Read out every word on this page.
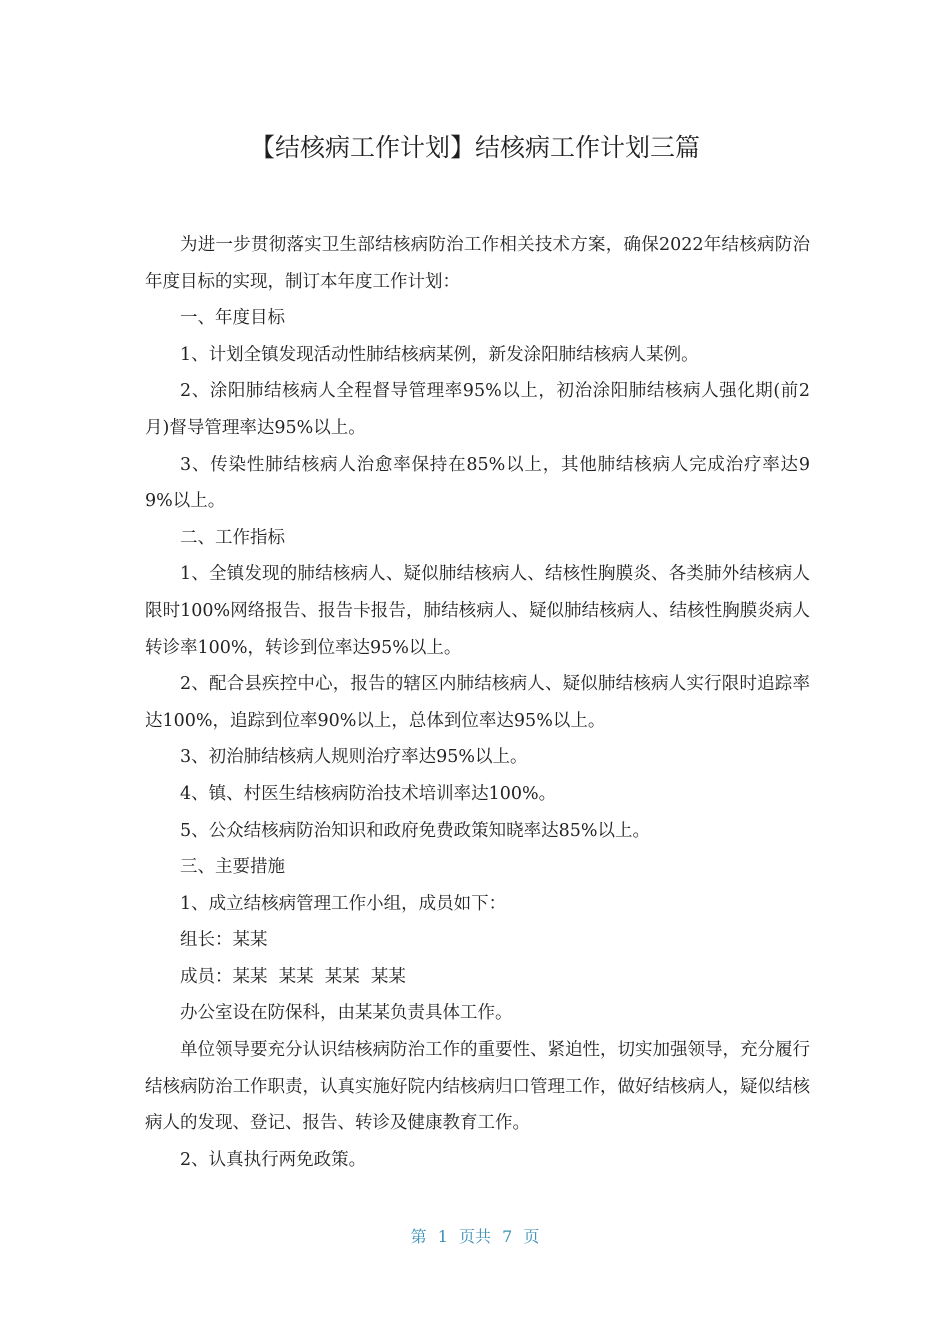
【结核病工作计划】结核病工作计划三篇

为进一步贯彻落实卫生部结核病防治工作相关技术方案，确保2022年结核病防治年度目标的实现，制订本年度工作计划：

一、年度目标

1、计划全镇发现活动性肺结核病某例，新发涂阳肺结核病人某例。

2、涂阳肺结核病人全程督导管理率95%以上，初治涂阳肺结核病人强化期(前2月)督导管理率达95%以上。

3、传染性肺结核病人治愈率保持在85%以上，其他肺结核病人完成治疗率达99%以上。

二、工作指标

1、全镇发现的肺结核病人、疑似肺结核病人、结核性胸膜炎、各类肺外结核病人限时100%网络报告、报告卡报告，肺结核病人、疑似肺结核病人、结核性胸膜炎病人转诊率100%，转诊到位率达95%以上。

2、配合县疾控中心，报告的辖区内肺结核病人、疑似肺结核病人实行限时追踪率达100%，追踪到位率90%以上，总体到位率达95%以上。

3、初治肺结核病人规则治疗率达95%以上。

4、镇、村医生结核病防治技术培训率达100%。

5、公众结核病防治知识和政府免费政策知晓率达85%以上。

三、主要措施

1、成立结核病管理工作小组，成员如下：

组长：某某

成员：某某  某某  某某  某某

办公室设在防保科，由某某负责具体工作。

单位领导要充分认识结核病防治工作的重要性、紧迫性，切实加强领导，充分履行结核病防治工作职责，认真实施好院内结核病归口管理工作，做好结核病人，疑似结核病人的发现、登记、报告、转诊及健康教育工作。

2、认真执行两免政策。

第 1 页共 7 页
